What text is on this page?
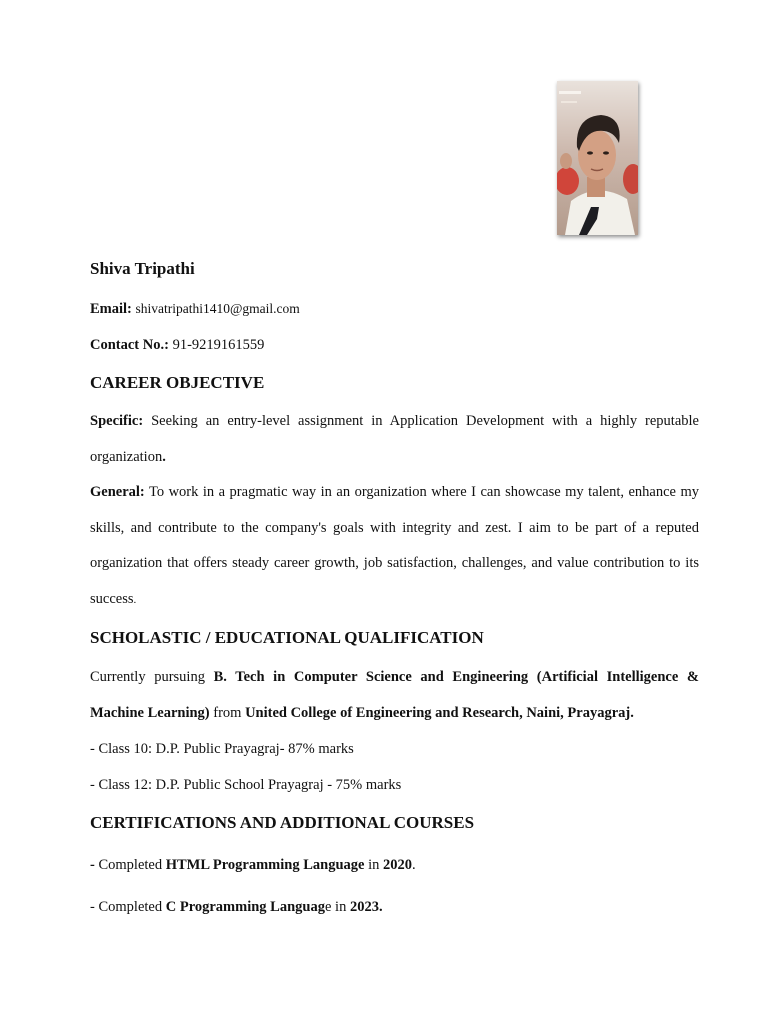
Shiva Tripathi

Email: shivatripathi1410@gmail.com

Contact No.: 91-9219161559

CAREER OBJECTIVE

Specific: Seeking an entry-level assignment in Application Development with a highly reputable organization.

General: To work in a pragmatic way in an organization where I can showcase my talent, enhance my skills, and contribute to the company's goals with integrity and zest. I aim to be part of a reputed organization that offers steady career growth, job satisfaction, challenges, and value contribution to its success.

SCHOLASTIC / EDUCATIONAL QUALIFICATION

Currently pursuing B. Tech in Computer Science and Engineering (Artificial Intelligence & Machine Learning) from United College of Engineering and Research, Naini, Prayagraj.

- Class 10: D.P. Public Prayagraj- 87% marks

- Class 12: D.P. Public School Prayagraj - 75% marks

CERTIFICATIONS AND ADDITIONAL COURSES

- Completed HTML Programming Language in 2020.

- Completed C Programming Language in 2023.
